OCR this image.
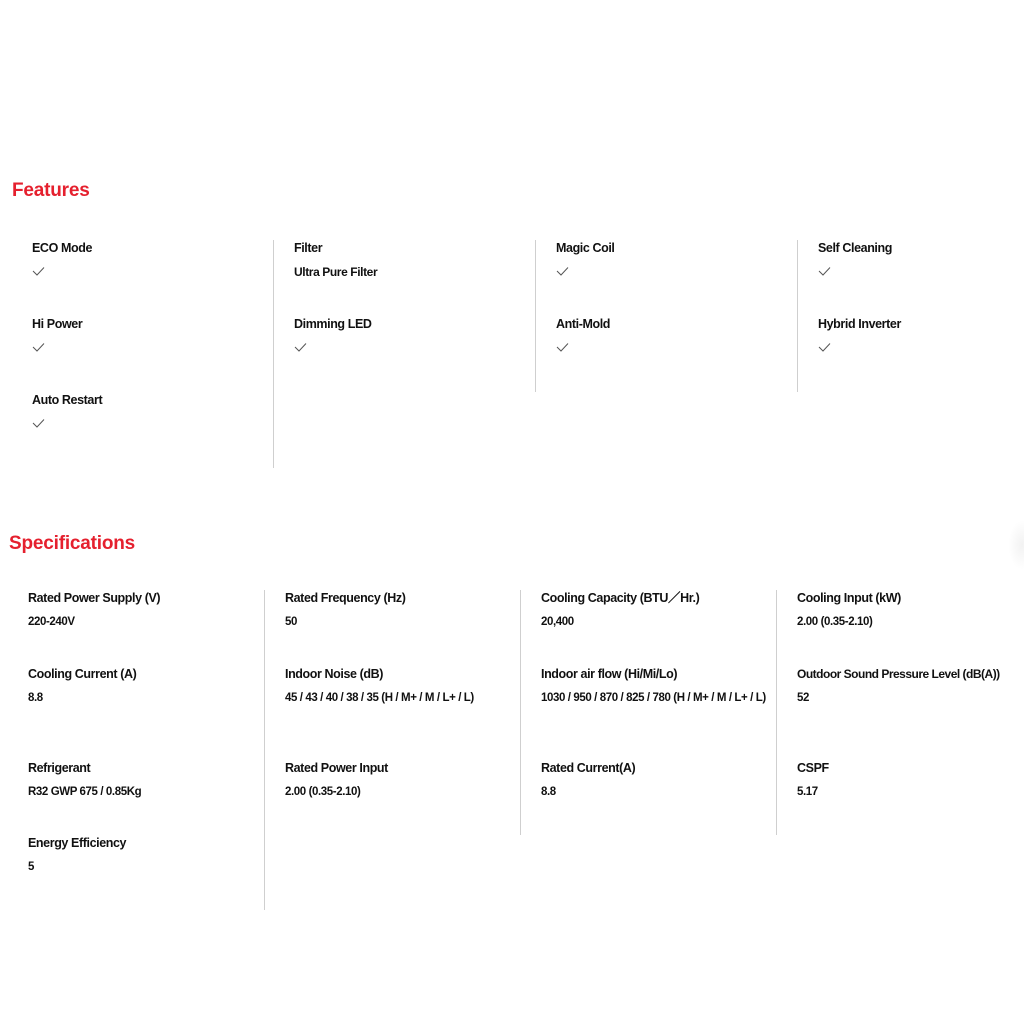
Features
ECO Mode
Hi Power
Auto Restart
Filter
Ultra Pure Filter
Dimming LED
Magic Coil
Anti-Mold
Self Cleaning
Hybrid Inverter
Specifications
Rated Power Supply (V)
220-240V
Cooling Current (A)
8.8
Refrigerant
R32 GWP 675 / 0.85Kg
Energy Efficiency
5
Rated Frequency (Hz)
50
Indoor Noise (dB)
45 / 43 / 40 / 38 / 35 (H / M+ / M / L+ / L)
Rated Power Input
2.00 (0.35-2.10)
Cooling Capacity (BTU／Hr.)
20,400
Indoor air flow (Hi/Mi/Lo)
1030 / 950 / 870 / 825 / 780 (H / M+ / M / L+ / L)
Rated Current(A)
8.8
Cooling Input (kW)
2.00 (0.35-2.10)
Outdoor Sound Pressure Level (dB(A))
52
CSPF
5.17
